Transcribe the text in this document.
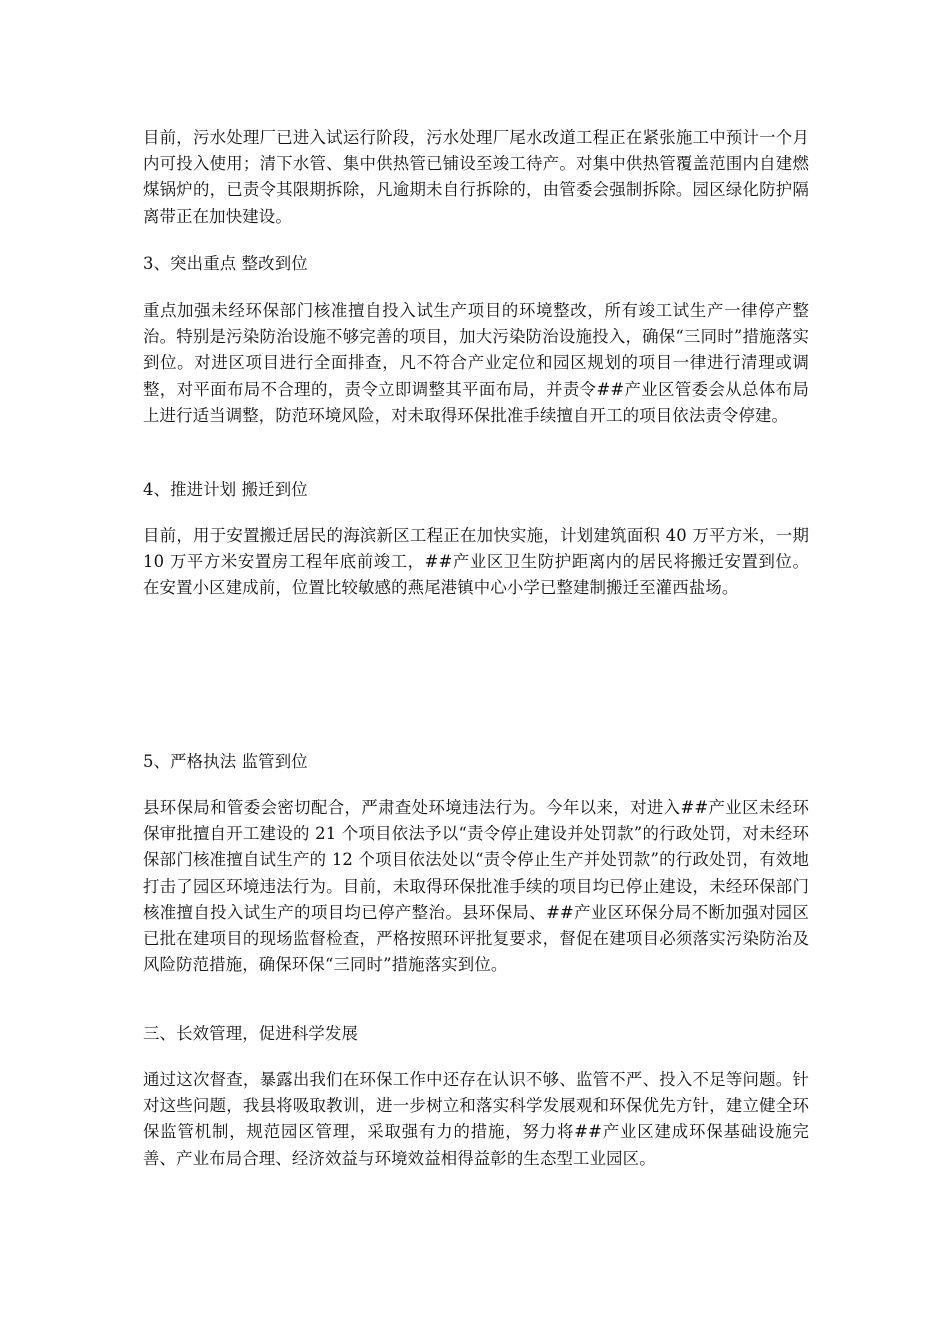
目前，污水处理厂已进入试运行阶段，污水处理厂尾水改道工程正在紧张施工中预计一个月内可投入使用；清下水管、集中供热管已铺设至竣工待产。对集中供热管覆盖范围内自建燃煤锅炉的，已责令其限期拆除，凡逾期未自行拆除的，由管委会强制拆除。园区绿化防护隔离带正在加快建设。

3、突出重点 整改到位

重点加强未经环保部门核准擅自投入试生产项目的环境整改，所有竣工试生产一律停产整治。特别是污染防治设施不够完善的项目，加大污染防治设施投入，确保“三同时”措施落实到位。对进区项目进行全面排查，凡不符合产业定位和园区规划的项目一律进行清理或调整，对平面布局不合理的，责令立即调整其平面布局，并责令##产业区管委会从总体布局上进行适当调整，防范环境风险，对未取得环保批准手续擅自开工的项目依法责令停建。

4、推进计划 搬迁到位

目前，用于安置搬迁居民的海滨新区工程正在加快实施，计划建筑面积 40 万平方米，一期 10 万平方米安置房工程年底前竣工，##产业区卫生防护距离内的居民将搬迁安置到位。在安置小区建成前，位置比较敏感的燕尾港镇中心小学已整建制搬迁至灌西盐场。

5、严格执法 监管到位

县环保局和管委会密切配合，严肃查处环境违法行为。今年以来，对进入##产业区未经环保审批擅自开工建设的 21 个项目依法予以“责令停止建设并处罚款”的行政处罚，对未经环保部门核准擅自试生产的 12 个项目依法处以“责令停止生产并处罚款”的行政处罚，有效地打击了园区环境违法行为。目前，未取得环保批准手续的项目均已停止建设，未经环保部门核准擅自投入试生产的项目均已停产整治。县环保局、##产业区环保分局不断加强对园区已批在建项目的现场监督检查，严格按照环评批复要求，督促在建项目必须落实污染防治及风险防范措施，确保环保“三同时”措施落实到位。

三、长效管理，促进科学发展

通过这次督查，暴露出我们在环保工作中还存在认识不够、监管不严、投入不足等问题。针对这些问题，我县将吸取教训，进一步树立和落实科学发展观和环保优先方针，建立健全环保监管机制，规范园区管理，采取强有力的措施，努力将##产业区建成环保基础设施完善、产业布局合理、经济效益与环境效益相得益彰的生态型工业园区。
